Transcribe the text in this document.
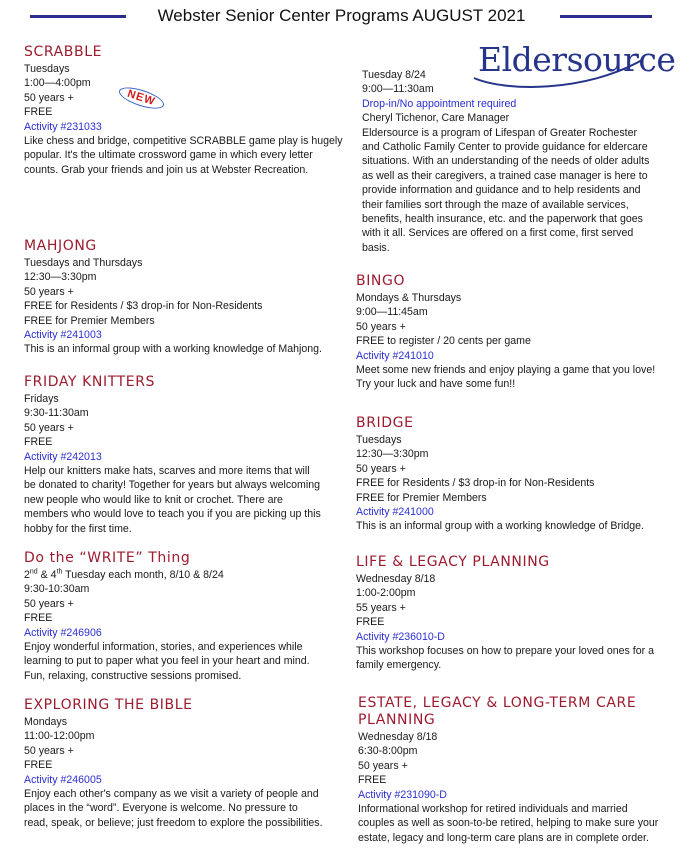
Webster Senior Center Programs AUGUST 2021
NEW
Eldersource
SCRABBLE
Tuesdays
1:00—4:00pm
50 years +
FREE
Activity #231033
Like chess and bridge, competitive SCRABBLE game play is hugely popular. It's the ultimate crossword game in which every letter counts. Grab your friends and join us at Webster Recreation.
MAHJONG
Tuesdays and Thursdays
12:30—3:30pm
50 years +
FREE for Residents / $3 drop-in for Non-Residents
FREE for Premier Members
Activity #241003
This is an informal group with a working knowledge of Mahjong.
FRIDAY KNITTERS
Fridays
9:30-11:30am
50 years +
FREE
Activity #242013
Help our knitters make hats, scarves and more items that will be donated to charity! Together for years but always welcoming new people who would like to knit or crochet. There are members who would love to teach you if you are picking up this hobby for the first time.
Do the “WRITE” Thing
2nd & 4th Tuesday each month, 8/10 & 8/24
9:30-10:30am
50 years +
FREE
Activity #246906
Enjoy wonderful information, stories, and experiences while learning to put to paper what you feel in your heart and mind. Fun, relaxing, constructive sessions promised.
EXPLORING THE BIBLE
Mondays
11:00-12:00pm
50 years +
FREE
Activity #246005
Enjoy each other's company as we visit a variety of people and places in the “word”. Everyone is welcome. No pressure to read, speak, or believe; just freedom to explore the possibilities.
Tuesday 8/24
9:00—11:30am
Drop-in/No appointment required
Cheryl Tichenor, Care Manager
Eldersource is a program of Lifespan of Greater Rochester and Catholic Family Center to provide guidance for eldercare situations. With an understanding of the needs of older adults as well as their caregivers, a trained case manager is here to provide information and guidance and to help residents and their families sort through the maze of available services, benefits, health insurance, etc. and the paperwork that goes with it all. Services are offered on a first come, first served basis.
BINGO
Mondays & Thursdays
9:00—11:45am
50 years +
FREE to register / 20 cents per game
Activity #241010
Meet some new friends and enjoy playing a game that you love! Try your luck and have some fun!!
BRIDGE
Tuesdays
12:30—3:30pm
50 years +
FREE for Residents / $3 drop-in for Non-Residents
FREE for Premier Members
Activity #241000
This is an informal group with a working knowledge of Bridge.
LIFE & LEGACY PLANNING
Wednesday 8/18
1:00-2:00pm
55 years +
FREE
Activity #236010-D
This workshop focuses on how to prepare your loved ones for a family emergency.
ESTATE, LEGACY & LONG-TERM CARE PLANNING
Wednesday 8/18
6:30-8:00pm
50 years +
FREE
Activity #231090-D
Informational workshop for retired individuals and married couples as well as soon-to-be retired, helping to make sure your estate, legacy and long-term care plans are in complete order.
